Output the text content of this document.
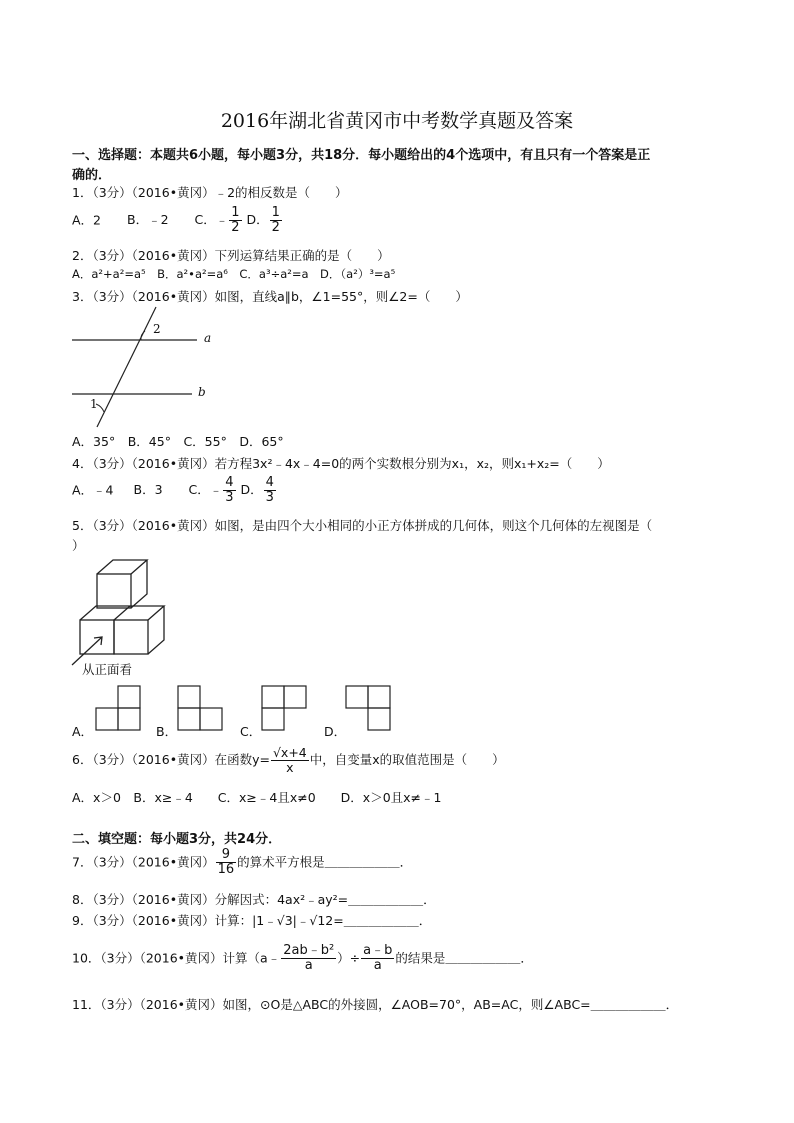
2016年湖北省黄冈市中考数学真题及答案
一、选择题：本题共6小题，每小题3分，共18分．每小题给出的4个选项中，有且只有一个答案是正
确的．
1．（3分）（2016•黄冈）﹣2的相反数是（　　）
A．2 B．﹣2 C．﹣ $\frac{1}{2}$ D． $\frac{1}{2}$
2．（3分）（2016•黄冈）下列运算结果正确的是（　　）
A．a²+a²=a⁵　B．a²•a²=a⁶　C．a³÷a²=a　D．（a²）³=a⁵
3．（3分）（2016•黄冈）如图，直线a∥b，∠1=55°，则∠2=（　　）
2
a
b
1
A．35°　B．45°　C．55°　D．65°
4．（3分）（2016•黄冈）若方程3x²﹣4x﹣4=0的两个实数根分别为x₁，x₂，则x₁+x₂=（　　）
A．﹣4 B．3 C．﹣ $\frac{4}{3}$ D． $\frac{4}{3}$
5．（3分）（2016•黄冈）如图，是由四个大小相同的小正方体拼成的几何体，则这个几何体的左视图是（
）
从正面看
A．	B．	C．	D．
6．（3分）（2016•黄冈）在函数$y= \frac{√x+4}{x}$ 中，自变量x的取值范围是（　　）
A．x＞0　B．x≥﹣4　　C．x≥﹣4且x≠0　　D．x＞0且x≠﹣1
二、填空题：每小题3分，共24分．
7．（3分）（2016•黄冈） $\frac{9}{16}$ 的算术平方根是＿＿＿＿＿＿．
8．（3分）（2016•黄冈）分解因式：4ax²﹣ay²=＿＿＿＿＿＿．
9．（3分）（2016•黄冈）计算：|1﹣√3|﹣√12=＿＿＿＿＿＿．
10．（3分）（2016•黄冈）计算（a﹣ $\frac{\text{2ab﹣b²}}{a}$ ）÷ $\frac{a﹣b}{a}$ 的结果是＿＿＿＿＿＿．
11．（3分）（2016•黄冈）如图，⊙O是△ABC的外接圆，∠AOB=70°，AB=AC，则∠ABC=＿＿＿＿＿＿．
